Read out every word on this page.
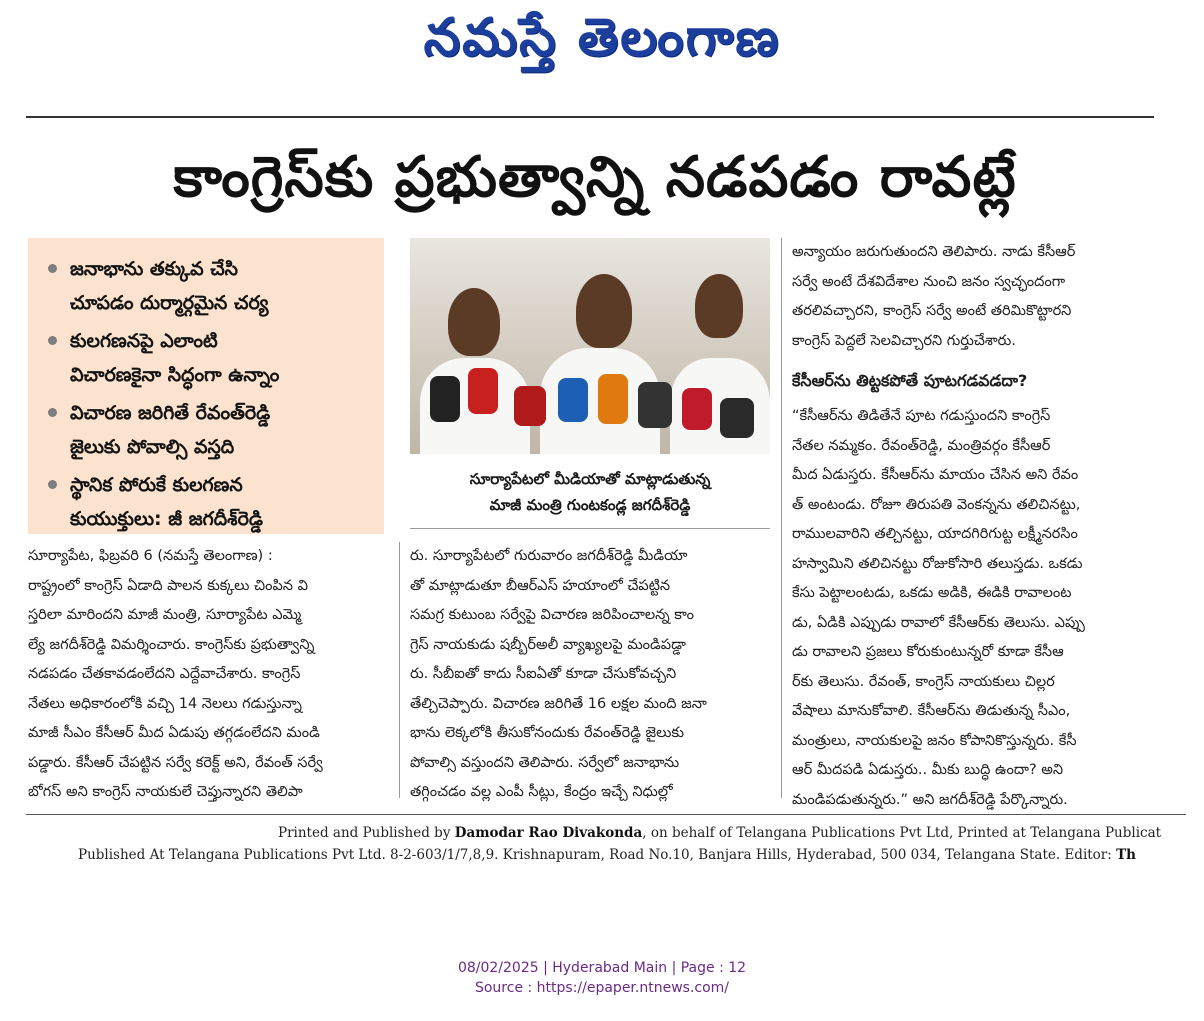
నమస్తే తెలంగాణ
కాంగ్రెస్‌కు ప్రభుత్వాన్ని నడపడం రావట్లే
జనాభాను తక్కువ చేసి
చూపడం దుర్మార్గమైన చర్య
కులగణనపై ఎలాంటి
విచారణకైనా సిద్ధంగా ఉన్నాం
విచారణ జరిగితే రేవంత్‌రెడ్డి
జైలుకు పోవాల్సి వస్తది
స్థానిక పోరుకే కులగణన
కుయుక్తులు: జీ జగదీశ్‌రెడ్డి
సూర్యాపేటలో మీడియాతో మాట్లాడుతున్న
మాజీ మంత్రి గుంటకండ్ల జగదీశ్‌రెడ్డి

సూర్యాపేట, ఫిబ్రవరి 6 (నమస్తే తెలంగాణ) :

రాష్ట్రంలో కాంగ్రెస్ ఏడాది పాలన కుక్కలు చింపిన వి

స్తరిలా మారిందని మాజీ మంత్రి, సూర్యాపేట ఎమ్మె

ల్యే జగదీశ్‌రెడ్డి విమర్శించారు. కాంగ్రెస్‌కు ప్రభుత్వాన్ని

నడపడం చేతకావడంలేదని ఎద్దేవాచేశారు. కాంగ్రెస్

నేతలు అధికారంలోకి వచ్చి 14 నెలలు గడుస్తున్నా

మాజీ సీఎం కేసీఆర్ మీద ఏడుపు తగ్గడంలేదని మండి

పడ్డారు. కేసీఆర్ చేపట్టిన సర్వే కరెక్ట్ అని, రేవంత్ సర్వే

బోగస్ అని కాంగ్రెస్ నాయకులే చెప్తున్నారని తెలిపా

రు. సూర్యాపేటలో గురువారం జగదీశ్‌రెడ్డి మీడియా

తో మాట్లాడుతూ బీఆర్‌ఎస్ హయాంలో చేపట్టిన

సమగ్ర కుటుంబ సర్వేపై విచారణ జరిపించాలన్న కాం

గ్రెస్ నాయకుడు షబ్బీర్‌అలీ వ్యాఖ్యలపై మండిపడ్డా

రు. సీబీఐతో కాదు సీఐఏతో కూడా చేసుకోవచ్చని

తేల్చిచెప్పారు. విచారణ జరిగితే 16 లక్షల మంది జనా

భాను లెక్కలోకి తీసుకోనందుకు రేవంత్‌రెడ్డి జైలుకు

పోవాల్సి వస్తుందని తెలిపారు. సర్వేలో జనాభాను

తగ్గించడం వల్ల ఎంపీ సీట్లు, కేంద్రం ఇచ్చే నిధుల్లో

అన్యాయం జరుగుతుందని తెలిపారు. నాడు కేసీఆర్

సర్వే అంటే దేశవిదేశాల నుంచి జనం స్వచ్ఛందంగా

తరలివచ్చారని, కాంగ్రెస్ సర్వే అంటే తరిమికొట్టారని

కాంగ్రెస్ పెద్దలే సెలవిచ్చారని గుర్తుచేశారు.

కేసీఆర్‌ను తిట్టకపోతే పూటగడవడదా?

“కేసీఆర్‌ను తిడితేనే పూట గడుస్తుందని కాంగ్రెస్

నేతల నమ్మకం. రేవంత్‌రెడ్డి, మంత్రివర్గం కేసీఆర్

మీద ఏడుస్తరు. కేసీఆర్‌ను మాయం చేసిన అని రేవం

త్ అంటండు. రోజూ తిరుపతి వెంకన్నను తలిచినట్టు,

రాములవారిని తల్చినట్టు, యాదగిరిగుట్ట లక్ష్మీనరసిం

హస్వామిని తలిచినట్టు రోజుకోసారి తలుస్తడు. ఒకడు

కేసు పెట్టాలంటడు, ఒకడు అడికి, ఈడికి రావాలంట

డు, ఏడికి ఎప్పుడు రావాలో కేసీఆర్‌కు తెలుసు. ఎప్పు

డు రావాలని ప్రజలు కోరుకుంటున్నరో కూడా కేసీఆ

ర్‌కు తెలుసు. రేవంత్, కాంగ్రెస్ నాయకులు చిల్లర

వేషాలు మానుకోవాలి. కేసీఆర్‌ను తిడుతున్న సీఎం,

మంత్రులు, నాయకులపై జనం కోపానికొస్తున్నరు. కేసీ

ఆర్ మీదపడి ఏడుస్తరు.. మీకు బుద్ధి ఉందా? అని

మండిపడుతున్నరు.” అని జగదీశ్‌రెడ్డి పేర్కొన్నారు.

Printed and Published by Damodar Rao Divakonda, on behalf of Telangana Publications Pvt Ltd, Printed at Telangana Publicat
Published At Telangana Publications Pvt Ltd. 8-2-603/1/7,8,9. Krishnapuram, Road No.10, Banjara Hills, Hyderabad, 500 034, Telangana State. Editor: Th
08/02/2025 | Hyderabad Main | Page : 12
Source : https://epaper.ntnews.com/
